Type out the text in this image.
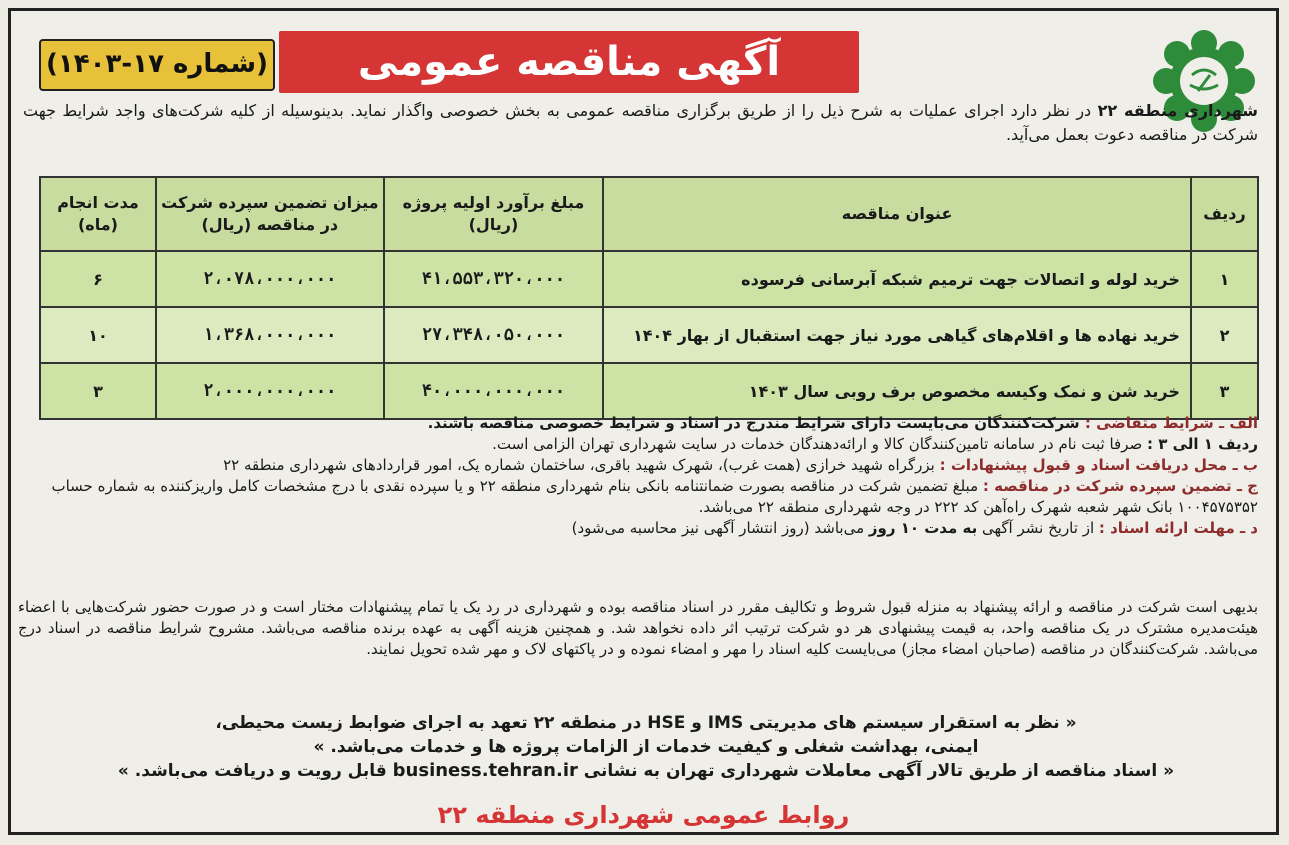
(شماره ۱۷-۱۴۰۳)	آگهی مناقصه عمومی
شهرداری منطقه ۲۲ در نظر دارد اجرای عملیات به شرح ذیل را از طریق برگزاری مناقصه عمومی به بخش خصوصی واگذار نماید. بدینوسیله از کلیه شرکت‌های واجد شرایط جهت شرکت در مناقصه دعوت بعمل می‌آید.
ردیف	عنوان مناقصه	مبلغ برآورد اولیه پروژه (ریال)	میزان تضمین سپرده شرکت در مناقصه (ریال)	مدت انجام (ماه)
۱	خرید لوله و اتصالات جهت ترمیم شبکه آبرسانی فرسوده	۴۱،۵۵۳،۳۲۰،۰۰۰	۲،۰۷۸،۰۰۰،۰۰۰	۶
۲	خرید نهاده ها و اقلام‌های گیاهی مورد نیاز جهت استقبال از بهار ۱۴۰۴	۲۷،۳۴۸،۰۵۰،۰۰۰	۱،۳۶۸،۰۰۰،۰۰۰	۱۰
۳	خرید شن و نمک وکیسه مخصوص برف روبی سال ۱۴۰۳	۴۰،۰۰۰،۰۰۰،۰۰۰	۲،۰۰۰،۰۰۰،۰۰۰	۳

الف ـ شرایط متقاضی : شرکت‌کنندگان می‌بایست دارای شرایط مندرج در اسناد و شرایط خصوصی مناقصه باشند.

ردیف ۱ الی ۳ : صرفا ثبت نام در سامانه تامین‌کنندگان کالا و ارائه‌دهندگان خدمات در سایت شهرداری تهران الزامی است.

ب ـ محل دریافت اسناد و قبول پیشنهادات : بزرگراه شهید خرازی (همت غرب)، شهرک شهید باقری، ساختمان شماره یک، امور قراردادهای شهرداری منطقه ۲۲

ج ـ تضمین سپرده شرکت در مناقصه : مبلغ تضمین شرکت در مناقصه بصورت ضمانتنامه بانکی بنام شهرداری منطقه ۲۲ و یا سپرده نقدی با درج مشخصات کامل واریزکننده به شماره حساب ۱۰۰۴۵۷۵۳۵۲ بانک شهر شعبه شهرک راه‌آهن کد ۲۲۲ در وجه شهرداری منطقه ۲۲ می‌باشد.

د ـ مهلت ارائه اسناد : از تاریخ نشر آگهی به مدت ۱۰ روز می‌باشد (روز انتشار آگهی نیز محاسبه می‌شود)

بدیهی است شرکت در مناقصه و ارائه پیشنهاد به منزله قبول شروط و تکالیف مقرر در اسناد مناقصه بوده و شهرداری در رد یک یا تمام پیشنهادات مختار است و در صورت حضور شرکت‌هایی با اعضاء هیئت‌مدیره مشترک در یک مناقصه واحد، به قیمت پیشنهادی هر دو شرکت ترتیب اثر داده نخواهد شد. و همچنین هزینه آگهی به عهده برنده مناقصه می‌باشد. مشروح شرایط مناقصه در اسناد درج می‌باشد. شرکت‌کنندگان در مناقصه (صاحبان امضاء مجاز) می‌بایست کلیه اسناد را مهر و امضاء نموده و در پاکتهای لاک و مهر شده تحویل نمایند.

« نظر به استقرار سیستم های مدیریتی IMS و HSE در منطقه ۲۲ تعهد به اجرای ضوابط زیست محیطی،

ایمنی، بهداشت شغلی و کیفیت خدمات از الزامات پروژه ها و خدمات می‌باشد. »

« اسناد مناقصه از طریق تالار آگهی معاملات شهرداری تهران به نشانی business.tehran.ir قابل رویت و دریافت می‌باشد. »

روابط عمومی شهرداری منطقه ۲۲
